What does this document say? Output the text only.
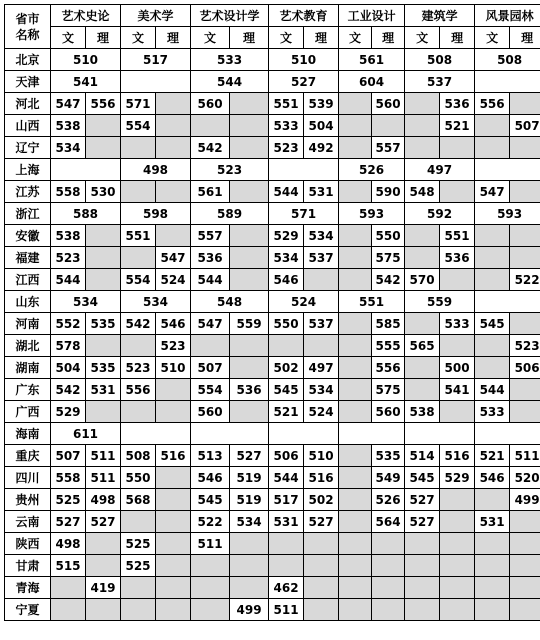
省市
名称	艺术史论		美术学		艺术设计学		艺术教育		工业设计		建筑学		风景园林	
	文	理	文	理	文	理	文	理	文	理	文	理	文	理
北京	510		517		533		510		561		508		508	
天津	541				544		527		604		537			
河北	547	556	571		560		551	539		560		536	556	
山西	538		554				533	504				521		507
辽宁	534				542		523	492		557				
上海			498		523				526		497			
江苏	558	530			561		544	531		590	548		547	
浙江	588		598		589		571		593		592		593	
安徽	538		551		557		529	534		550		551		
福建	523			547	536		534	537		575		536		
江西	544		554	524	544		546			542	570			522
山东	534		534		548		524		551		559			
河南	552	535	542	546	547	559	550	537		585		533	545	
湖北	578			523						555	565			523
湖南	504	535	523	510	507		502	497		556		500		506
广东	542	531	556		554	536	545	534		575		541	544	
广西	529				560		521	524		560	538		533	
海南	611													
重庆	507	511	508	516	513	527	506	510		535	514	516	521	511
四川	558	511	550		546	519	544	516		549	545	529	546	520
贵州	525	498	568		545	519	517	502		526	527			499
云南	527	527			522	534	531	527		564	527		531	
陕西	498		525		511									
甘肃	515		525											
青海		419					462							
宁夏						499	511							
